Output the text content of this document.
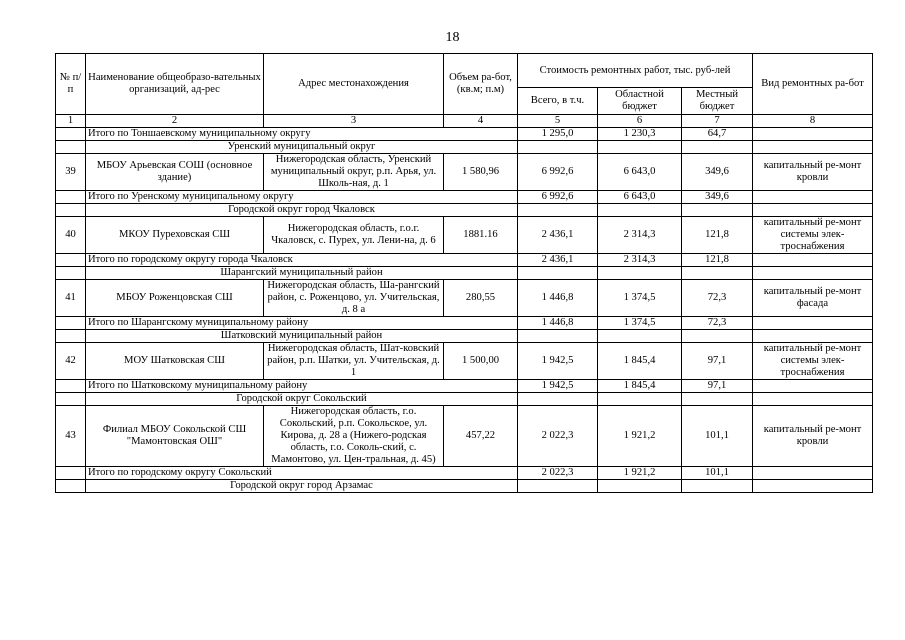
18
№ п/п	Наименование общеобразо-вательных организаций, ад-рес	Адрес местонахождения	Объем ра-бот, (кв.м; п.м)	Стоимость ремонтных работ, тыс. руб-лей			Вид ремонтных ра-бот
				Всего, в т.ч.	Областной бюджет	Местный бюджет	
1	2	3	4	5	6	7	8
	Итого по Тоншаевскому муниципальному округу			1 295,0	1 230,3	64,7	
	Уренский муниципальный округ						
39	МБОУ Арьевская СОШ (основное здание)	Нижегородская область, Уренский муниципальный округ, р.п. Арья, ул. Школь-ная, д. 1	1 580,96	6 992,6	6 643,0	349,6	капитальный ре-монт кровли
	Итого по Уренскому муниципальному округу			6 992,6	6 643,0	349,6	
	Городской округ город Чкаловск						
40	МКОУ Пуреховская СШ	Нижегородская область, г.о.г. Чкаловск, с. Пурех, ул. Лени-на, д. 6	1881.16	2 436,1	2 314,3	121,8	капитальный ре-монт системы элек-троснабжения
	Итого по городскому округу города Чкаловск			2 436,1	2 314,3	121,8	
	Шарангский муниципальный район						
41	МБОУ Роженцовская СШ	Нижегородская область, Ша-рангский район, с. Роженцово, ул. Учительская, д. 8 а	280,55	1 446,8	1 374,5	72,3	капитальный ре-монт фасада
	Итого по Шарангскому муниципальному району			1 446,8	1 374,5	72,3	
	Шатковский муниципальный район						
42	МОУ Шатковская СШ	Нижегородская область, Шат-ковский район, р.п. Шатки, ул. Учительская, д. 1	1 500,00	1 942,5	1 845,4	97,1	капитальный ре-монт системы элек-троснабжения
	Итого по Шатковскому муниципальному району			1 942,5	1 845,4	97,1	
	Городской округ Сокольский						
43	Филиал МБОУ Сокольской СШ "Мамонтовская ОШ"	Нижегородская область, г.о. Сокольский, р.п. Сокольское, ул. Кирова, д. 28 а (Нижего-родская область, г.о. Соколь-ский, с. Мамонтово, ул. Цен-тральная, д. 45)	457,22	2 022,3	1 921,2	101,1	капитальный ре-монт кровли
	Итого по городскому округу Сокольский			2 022,3	1 921,2	101,1	
	Городской округ город Арзамас						
